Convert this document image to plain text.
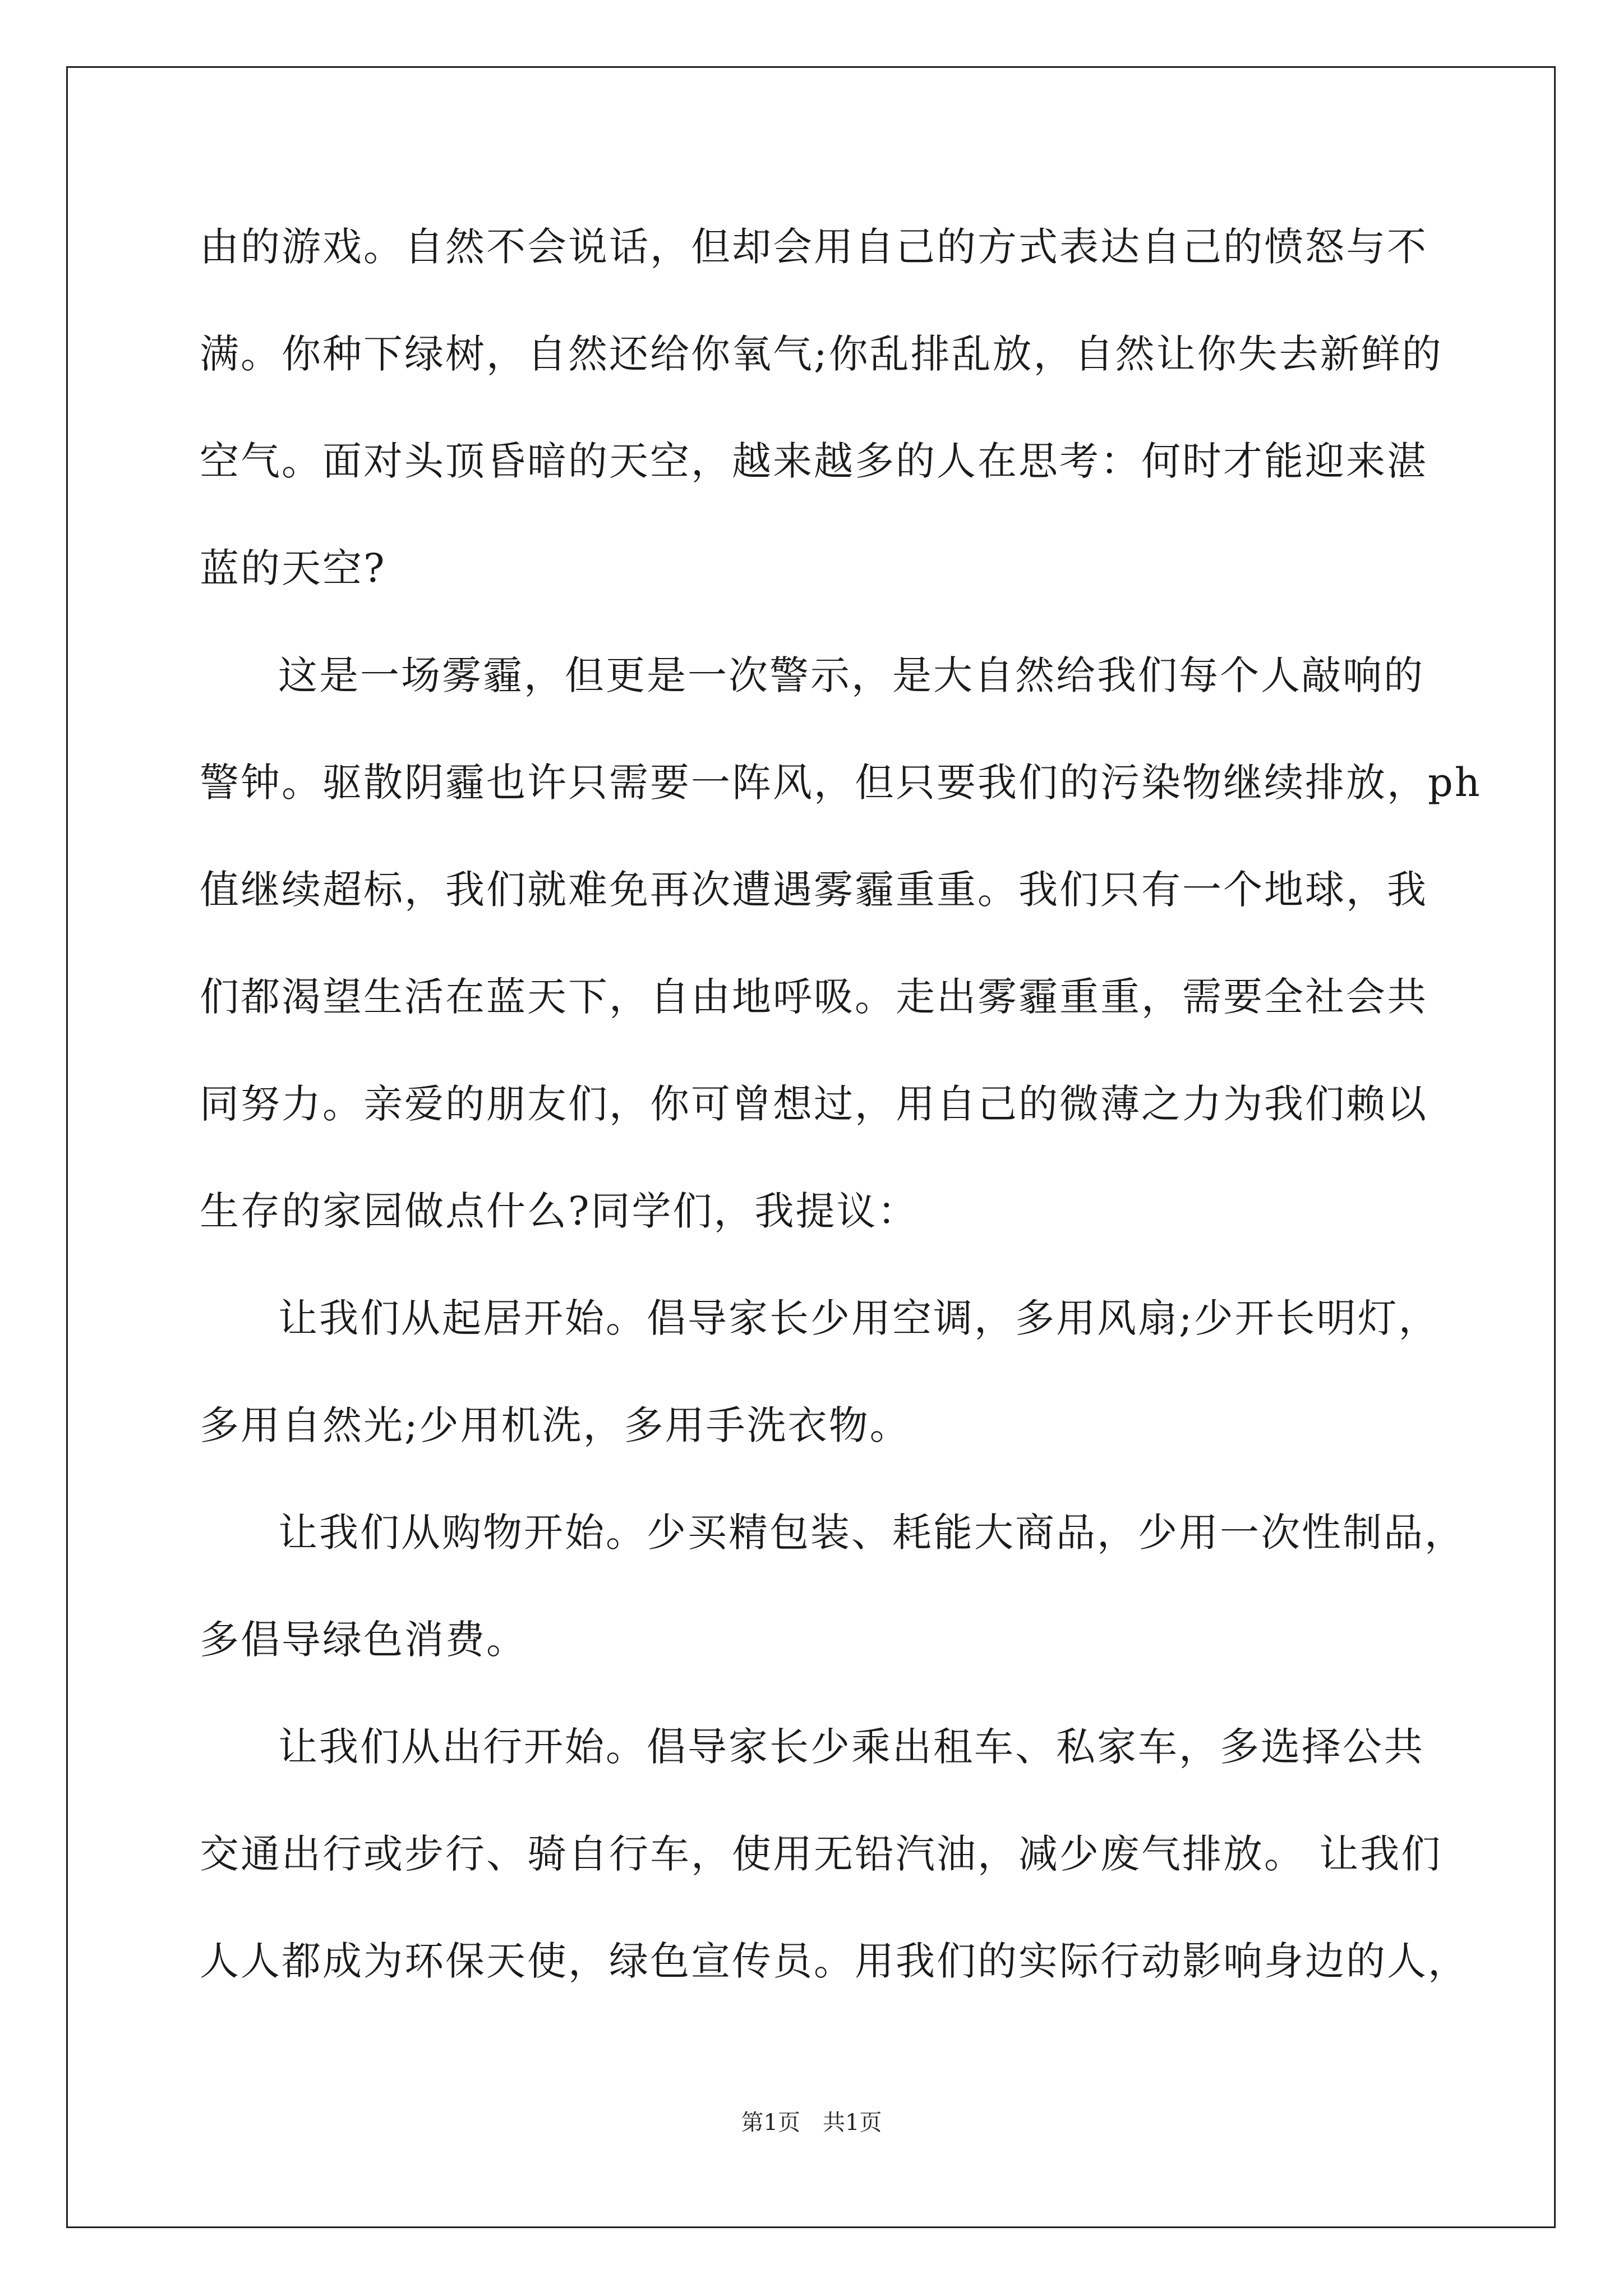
由的游戏。自然不会说话，但却会用自己的方式表达自己的愤怒与不
满。你种下绿树，自然还给你氧气;你乱排乱放，自然让你失去新鲜的
空气。面对头顶昏暗的天空，越来越多的人在思考：何时才能迎来湛
蓝的天空?
这是一场雾霾，但更是一次警示，是大自然给我们每个人敲响的
警钟。驱散阴霾也许只需要一阵风，但只要我们的污染物继续排放，ph
值继续超标，我们就难免再次遭遇雾霾重重。我们只有一个地球，我
们都渴望生活在蓝天下，自由地呼吸。走出雾霾重重，需要全社会共
同努力。亲爱的朋友们，你可曾想过，用自己的微薄之力为我们赖以
生存的家园做点什么?同学们，我提议：
让我们从起居开始。倡导家长少用空调，多用风扇;少开长明灯，
多用自然光;少用机洗，多用手洗衣物。
让我们从购物开始。少买精包装、耗能大商品，少用一次性制品，
多倡导绿色消费。
让我们从出行开始。倡导家长少乘出租车、私家车，多选择公共
交通出行或步行、骑自行车，使用无铅汽油，减少废气排放。 让我们
人人都成为环保天使，绿色宣传员。用我们的实际行动影响身边的人，
第1页　共1页
